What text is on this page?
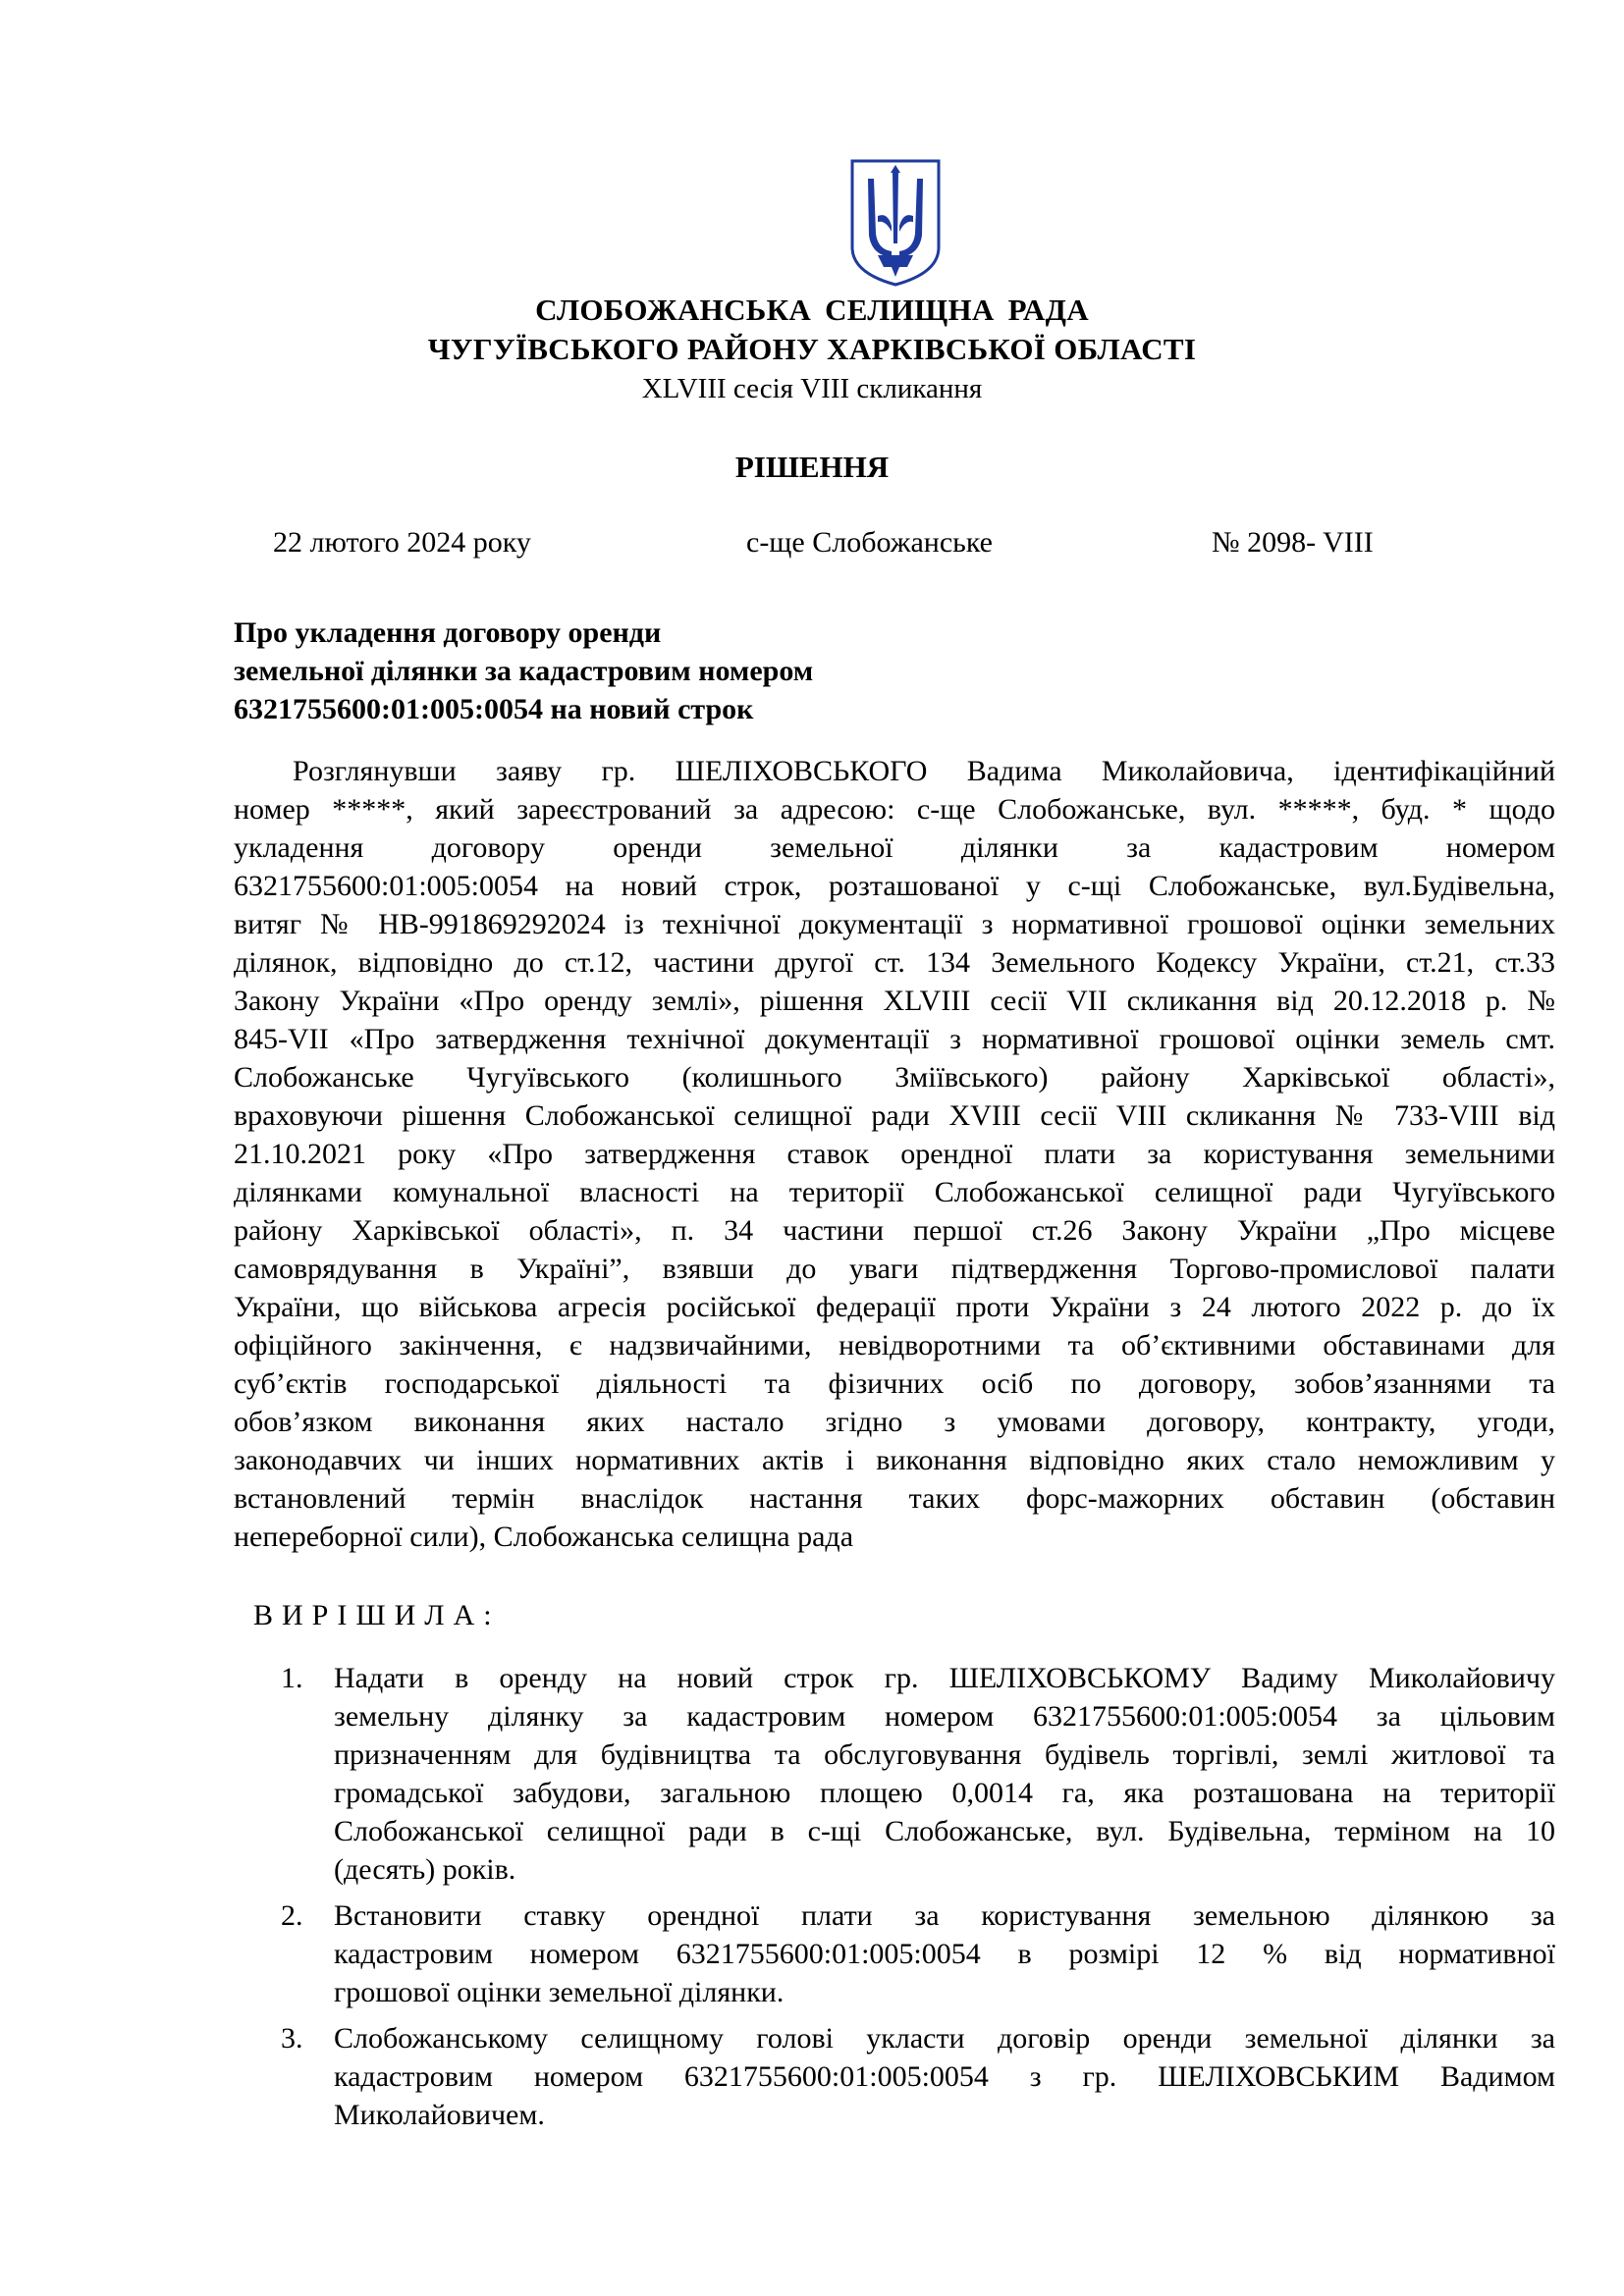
СЛОБОЖАНСЬКА СЕЛИЩНА РАДА
ЧУГУЇВСЬКОГО РАЙОНУ ХАРКІВСЬКОЇ ОБЛАСТІ
XLVIII сесія VIII скликання
РІШЕННЯ
22 лютого 2024 року	с-ще Слобожанське	№ 2098- VIII
Про укладення договору оренди
земельної ділянки за кадастровим номером
6321755600:01:005:0054 на новий строк
Розглянувши заяву гр. ШЕЛІХОВСЬКОГО Вадима Миколайовича, ідентифікаційний
номер *****, який зареєстрований за адресою: с-ще Слобожанське, вул. *****, буд. * щодо
укладення договору оренди земельної ділянки за кадастровим номером
6321755600:01:005:0054 на новий строк, розташованої у с-щі Слобожанське, вул.Будівельна,
витяг № НВ-991869292024 із технічної документації з нормативної грошової оцінки земельних
ділянок, відповідно до ст.12, частини другої ст. 134 Земельного Кодексу України, ст.21, ст.33
Закону України «Про оренду землі», рішення XLVIII сесії VII скликання від 20.12.2018 р. №
845-VII «Про затвердження технічної документації з нормативної грошової оцінки земель смт.
Слобожанське Чугуївського (колишнього Зміївського) району Харківської області»,
враховуючи рішення Слобожанської селищної ради XVIII сесії VIII скликання № 733-VIII від
21.10.2021 року «Про затвердження ставок орендної плати за користування земельними
ділянками комунальної власності на території Слобожанської селищної ради Чугуївського
району Харківської області», п. 34 частини першої ст.26 Закону України „Про місцеве
самоврядування в Україні”, взявши до уваги підтвердження Торгово-промислової палати
України, що військова агресія російської федерації проти України з 24 лютого 2022 р. до їх
офіційного закінчення, є надзвичайними, невідворотними та об’єктивними обставинами для
суб’єктів господарської діяльності та фізичних осіб по договору, зобов’язаннями та
обов’язком виконання яких настало згідно з умовами договору, контракту, угоди,
законодавчих чи інших нормативних актів і виконання відповідно яких стало неможливим у
встановлений термін внаслідок настання таких форс-мажорних обставин (обставин
непереборної сили), Слобожанська селищна рада
ВИРІШИЛА:
1. Надати в оренду на новий строк гр. ШЕЛІХОВСЬКОМУ Вадиму Миколайовичу
земельну ділянку за кадастровим номером 6321755600:01:005:0054 за цільовим
призначенням для будівництва та обслуговування будівель торгівлі, землі житлової та
громадської забудови, загальною площею 0,0014 га, яка розташована на території
Слобожанської селищної ради в с-щі Слобожанське, вул. Будівельна, терміном на 10
(десять) років.
2. Встановити ставку орендної плати за користування земельною ділянкою за
кадастровим номером 6321755600:01:005:0054 в розмірі 12 % від нормативної
грошової оцінки земельної ділянки.
3. Слобожанському селищному голові укласти договір оренди земельної ділянки за
кадастровим номером 6321755600:01:005:0054 з гр. ШЕЛІХОВСЬКИМ Вадимом
Миколайовичем.
